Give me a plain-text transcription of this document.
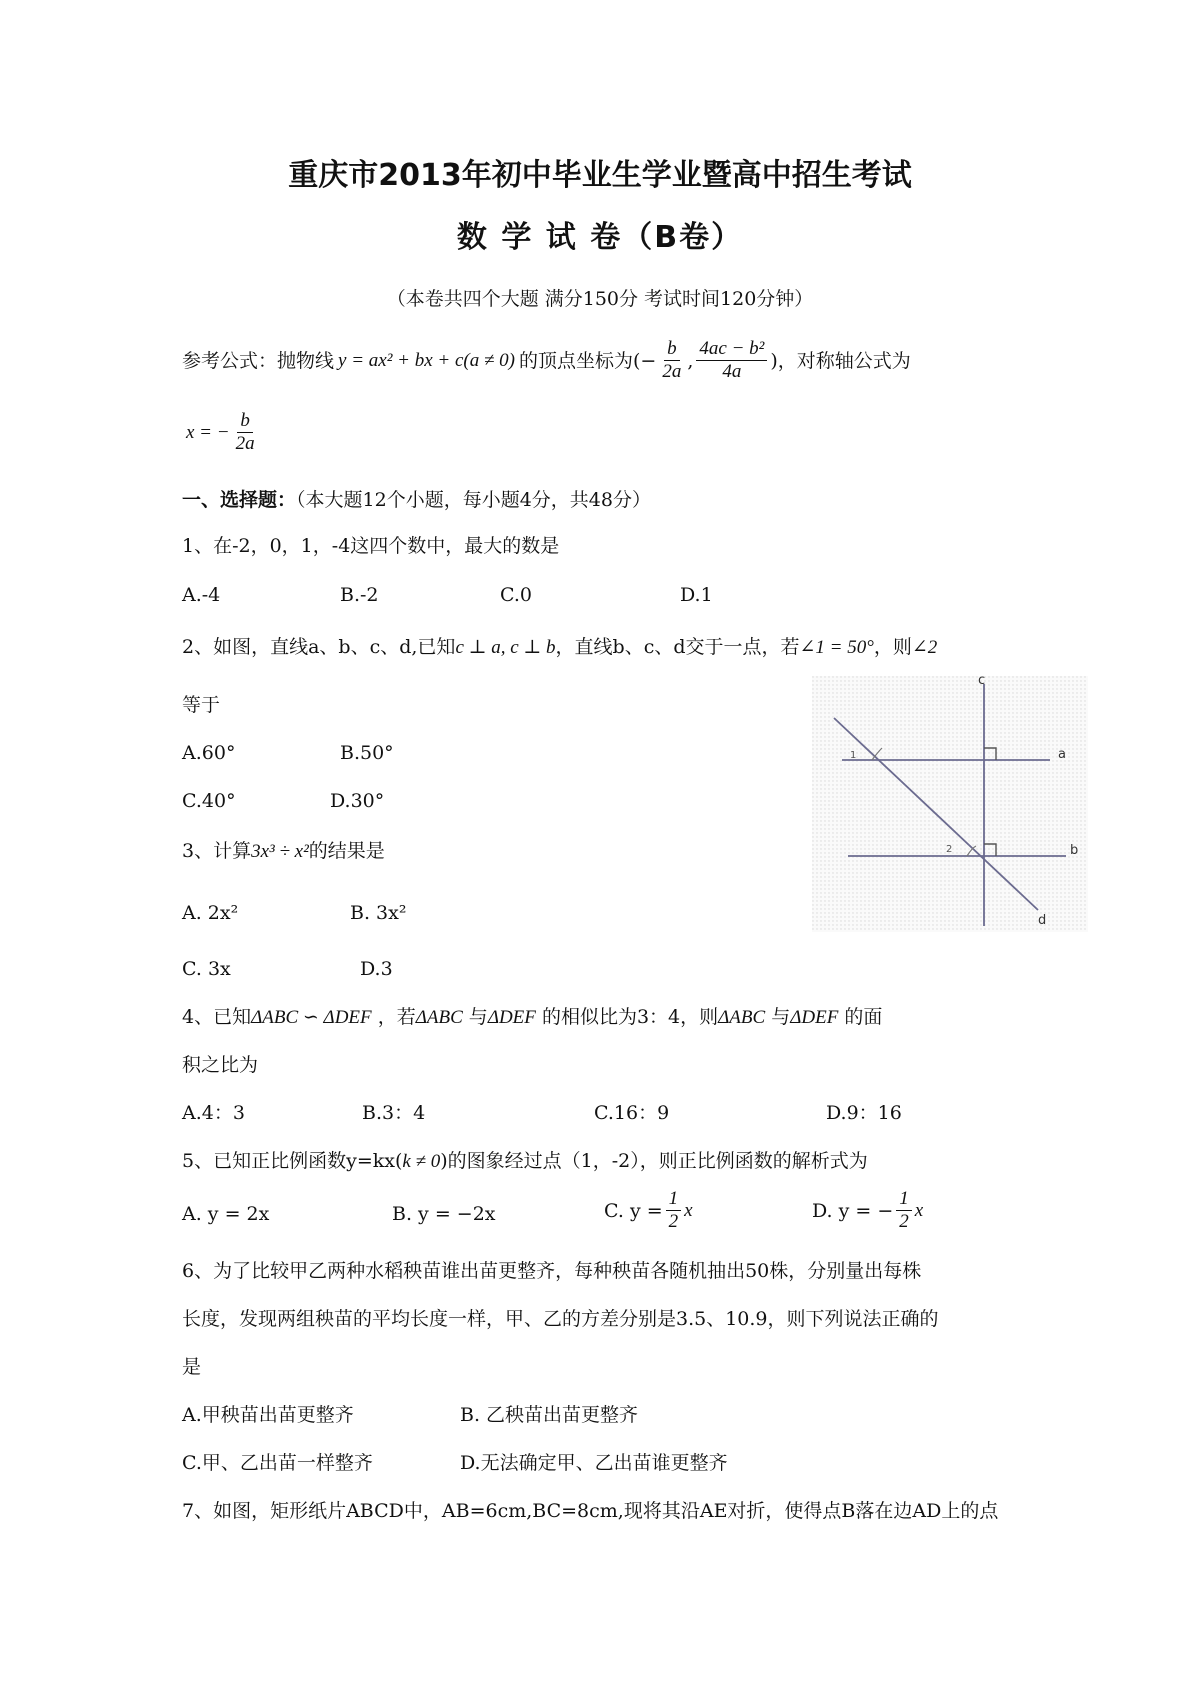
重庆市2013年初中毕业生学业暨高中招生考试
数 学 试 卷（B卷）
（本卷共四个大题 满分150分 考试时间120分钟）
参考公式：抛物线 y = ax² + bx + c(a ≠ 0) 的顶点坐标为(− $\frac{b}{2a}$ , $\frac{\text{4ac − b²}}{4a}$ )，对称轴公式为
x = − $\frac{b}{2a}$
一、选择题：（本大题12个小题，每小题4分，共48分）
1、在-2，0，1，-4这四个数中，最大的数是
A.-4	B.-2	C.0	D.1
2、如图，直线a、b、c、d,已知c ⊥ a, c ⊥ b，直线b、c、d交于一点，若∠1 = 50°，则∠2
等于
A.60°	B.50°
C.40°	D.30°
c
a
b
d
1
2
3、计算3x³ ÷ x²的结果是
A. 2x²	B. 3x²
C. 3x	D.3
4、已知ΔABC ∽ ΔDEF ，若ΔABC 与ΔDEF 的相似比为3：4，则ΔABC 与ΔDEF 的面
积之比为
A.4：3	B.3：4	C.16：9	D.9：16
5、已知正比例函数y=kx(k ≠ 0)的图象经过点（1，-2），则正比例函数的解析式为
A. y = 2x	B. y = −2x	C. $y = \frac{1}{2}$ x	D. y = − $\frac{1}{2}$ x
6、为了比较甲乙两种水稻秧苗谁出苗更整齐，每种秧苗各随机抽出50株，分别量出每株
长度，发现两组秧苗的平均长度一样，甲、乙的方差分别是3.5、10.9，则下列说法正确的
是
A.甲秧苗出苗更整齐	B. 乙秧苗出苗更整齐
C.甲、乙出苗一样整齐	D.无法确定甲、乙出苗谁更整齐
7、如图，矩形纸片ABCD中，AB=6cm,BC=8cm,现将其沿AE对折，使得点B落在边AD上的点
